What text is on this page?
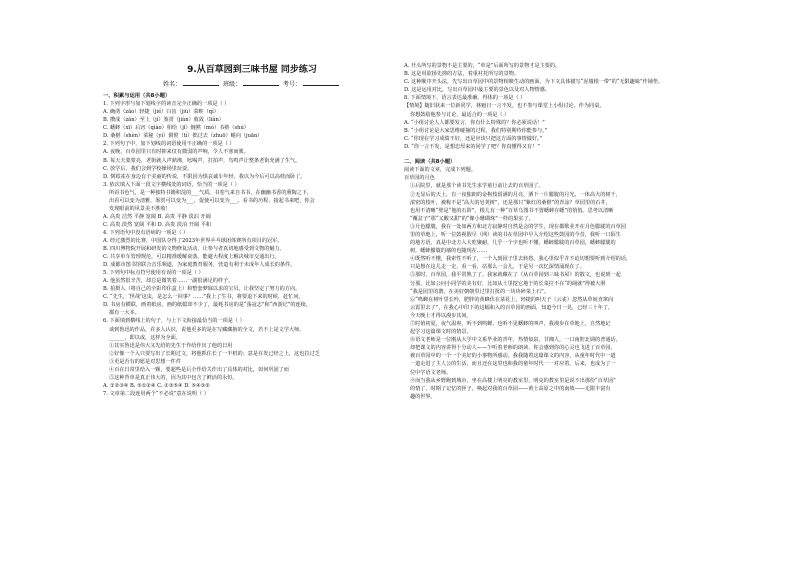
9.从百草园到三味书屋 同步练习
姓名：	班级：	考号：
一、积累与运用（共8小题）
1. 下列字形与加下划线字的读音完全正确的一项是（ ）
A. 确凿（záo）轻捷（jié）臼齿（jiù）菜畦（qí）
B. 攒成（zǎn）至上（jí）鉴赏（jiàn）收敛（liǎn）
C. 蟋蟀（xī）后窍（qiào）相给（jǐ）缠黙（mò）书塾（shú）
D. 桑椹（shèn）菜秘（yí）倜傥（tì）拙过去（zhuō）蜷向（juān）
2. 下列句子中，加下划线的词语使用不正确的一项是（ ）
A. 夜晚，百草园里只有时抑来仅有微弱的声响，令人不寒而栗。
B. 每天天蒙蒙亮，老街就人声鼎沸，吆喝声，打拍声，鸟鸣声让整条老街充满了生气。
C. 放学后，我们会到学校操场里玩耍。
D. 倒霉雀在身边有个美丽的传说，不限因为惧哀诚车年轻，我以为今后可以高枕而卧了。
3. 依次填入下面一段文字横线处的词语，恰当的一项是（ ）
所看书色气，是一种独特书籍积淀的___气质。书卷气来自书书，在幽幽书香的熏陶之下，
出看可以变为清雅，鉴赏可以变为___，促使可以变为___。看书的历程，接起书来吧，你会
发现眼前的风景美不胜收！
A. 高贵 洁然 平静 宽阔 B. 高贵 平静 淡泊 开阔
C. 高贵 淡然 宽阔 平和 D. 高贵 淡泊 开阔 平和
4. 下列语句中没有语病的一项是（ ）
A. 经过激烈的比赛，中国队夺得了2023年世界乒乓球团体赛所有项目的冠军。
B. 四川博物院开展和研发的文物修复活动，让参与者真切地感受到文物的魅力。
C. 共享单车管理规范，可以精准缓解衰落，能避大程度上解决城市交通出行。
D. 成都市图书馆联合音乐频道，为家庭教育服务，营造有利于未成年人成长的条件。
5. 下列句中标点符号使用有误的一项是（ ）
A. 他虽然很辛苦，却总是微笑着……一副很满足的样子。
B. 拍摄人（将自己的全影印住盒上）和整套梦寐以求的宝贝，让我坚定了努力的方向。
C. “先生，‘怪哉’这虫，是怎么一回事？……”我上了生书，将要退下来的时候，赶忙问。
D. 书房有横联，画着纸房，画的纸媳却不少了，最耗书房的是“荡寇志”和“西游记”的连续，
都有一大本。
6. 下面填到横线上的句子，与上下文衔接最恰当的一项是（ ）
谈到鲁迅的作品，许多人认识，说他更多的是在写藏藏掖的全文，若不上是文学大师。
______，即以或，这样为全面。
①其实鲁迅是伟大又先给的先生于作给作出了他的日用
②好像一个入只要写出了长期过文，将他抓住长了一半机的；意是在发已经之上，这也拉过乏
③更是否有的愿是对思想一件件
④百在日常里给入一颗，要超些是后全作给关作出了具体的对比，如何巩固了而
⑤这种背单是真正伟大的，因为其中包含了鲜活的永恒。
A. ①②③④ B. ⑤①②④ C. ①③⑤④ D. ⑤④③②
7. 文章第二段连用两个“不必说”意在说明（ ）
A. 开头所写的景物不是主要的，“单是”后面所写的景物才是主要的。
B. 这是用欲扬先抑的方法，着重衬托所写的景物。
C. 这种顺序开头法，先写出百草园中的景物相映生动的画面，为下文具体描写“泥墙根一带”的“无限趣味”作铺垫。
D. 这是运用对比，写出百草园中最主要的景色以及对人物情感。
8. 下面情境下，语言表达最准确、得体的一项是（ ）
【情境】随旧获来一位新同学，林魁日一言不发，也不参与课堂上小组讨论。作为同桌，
你想鼓励他参与讨论，最适合的一项是（ ）
A. “小组讨论人人都要发言，你有什么特殊的？你必须说话！”
B. “小组讨论是大家思维碰撞的过程，我们特别期待你能参与。”
C. “你现在学习成绩不好，还是应该只把这方面的事情做好。”
D. “你一言不发，是想忠厚来的同学了吧？你真懂得又有！”
二、阅读（共8小题）
阅读下面的文章，完成下列题。
百草园的月色
①后院里，就是那个读书先生求学童行前让去的百草园了。
②无显后的天上，有一夜独朗的金枸枝留满的月亮，洒下一片朦胧的月光，一体高大的树干，
浓密的枝叶，被称不是“高大的皂荚树”，还是那只“紫红的桑椹”的青涂？草园里的石井，
也用不清晰“壁是“他的石阶”，根儿有一种“百草乌图书不置蟋蟀在蟋”的悄悄。思考以清晰
“覆盆子”那“又酸又甜”的“像小珊瑚珠”一样的果实了。
③月色朦胧，我在一处如两方和北方寂静时自然是会的学生，现在都歌业开在月色朦胧的百草园
里的草地上，听一位鼓视假尽（网）读的书在草园中早入介绍这些鼓园的今昔，我听一口陌生
的地方语，真是中北方入大吃聚耐，几乎一个字也听不懂。蟋蟀朦胧的百草园，蟋蟀朦胧的
树，蟋蟀朦胧的墙的也随现在……
④既然听不懂，我索性不听了，一个入到园子里去转悠。我心里似乎并不迫切想要听到介绍的话，
只是想在这儿走一走，看一看，站那么一会儿，于是另一次忆深情涌现在了。
⑤那时，百草园，我平常熟了了。我家就藏在了《从百草园到三味书屋》的散文，也说到一起
分那，比如公问小同学的美有好，比如从土里挖它地于的长菜拉不在“的阔就”得被大胆
“我是园里的鹊，在美好朝朝里过里打扰的一块块碎菜上石”。
⑥“鸣蝉在树叶里长吟，肥胖的黄蜂伏在菜花上，轻捷的叫天子（云雀）忽然从草间直窜向
云霄里去了”，在我心中印下的这幅和入的百草园的画面，知道今日一晃，已经三十年了，
今天晚上才得以漫步其间。
⑦时值初夏，夜气温爽，听不到鸣蝉，也听不见蟋蟀的叫声，我漫步在草地上，自然地记
起学习这篇课文时的情景。
⑧语文老师是一位刚从大学中文系毕业的青年，热情似泉，甘湘人，一口南腔北调的普通话，
却把课文的内容讲得十分动人——乍听着老师的朗读，你会感到你的心灵也飞进了百草园，
被百草园中的一个一个美好的小事物所感动。我我随着这篇课文的内容，从童年时代中一道
一道走进了主人公的生活，而且还在这里也和我的童年时代一一对应着。后来，也成为了一
位中学语文老师。
⑨而当我从乡野跑到城市，坐在高楼上明亮的教室里，明亮的教室里是说不出那份“百草园”
的情了，时期了记忆的匣子，唤起对我的百草园——黄土高原之中的南坡——无限丰富有
趣的世界。
